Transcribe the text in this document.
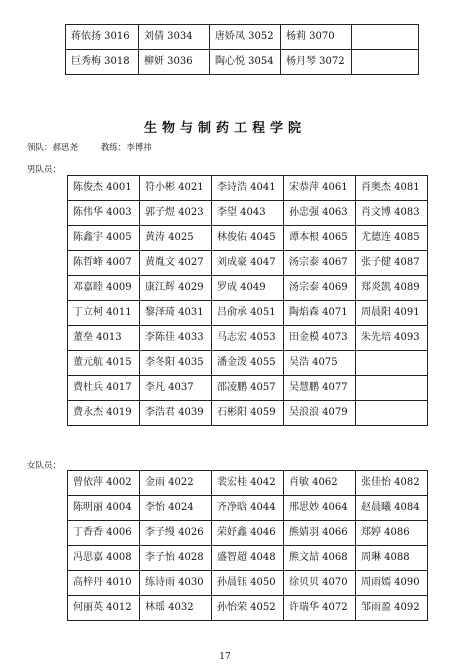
蒋依扬 3016	刘倩 3034	唐娇凤 3052	杨莉 3070	
巨秀梅 3018	柳妍 3036	陶心悦 3054	杨月琴 3072	
生物与制药工程学院
领队：郝思尧	教练：李博祎
男队员：
陈俊杰 4001	符小彬 4021	李诗浩 4041	宋恭萍 4061	肖奥杰 4081
陈伟华 4003	郭子煜 4023	李望 4043	孙忠强 4063	肖文博 4083
陈鑫宇 4005	黄涛 4025	林俊佑 4045	谭本根 4065	尤德连 4085
陈哲峰 4007	黄胤文 4027	刘成豪 4047	汤宗泰 4067	张子健 4087
邓嘉睦 4009	康江辉 4029	罗成 4049	汤宗泰 4069	郑炎凯 4089
丁立柯 4011	黎泽琦 4031	吕俞承 4051	陶焰森 4071	周晨阳 4091
董垒 4013	李陈佳 4033	马志宏 4053	田金模 4073	朱先培 4093
董元航 4015	李冬阳 4035	潘金泼 4055	吴浩 4075	
费杜兵 4017	李凡 4037	邵凌鹏 4057	吴慧鹏 4077	
费永杰 4019	李浩君 4039	石彬阳 4059	吴浪浪 4079	
女队员：
曾依萍 4002	金雨 4022	裴宏桂 4042	肖敏 4062	张佳怡 4082
陈明丽 4004	李怡 4024	齐净晗 4044	邢思妙 4064	赵晨曦 4084
丁香香 4006	李子缦 4026	荣妤鑫 4046	熊婧羽 4066	郑婷 4086
冯思嘉 4008	李子怡 4028	盛智超 4048	熊文喆 4068	周琳 4088
高梓丹 4010	练诗雨 4030	孙晨钰 4050	徐贝贝 4070	周雨嫣 4090
何丽英 4012	林瑶 4032	孙怡荣 4052	许瑞华 4072	邹雨盈 4092
17
